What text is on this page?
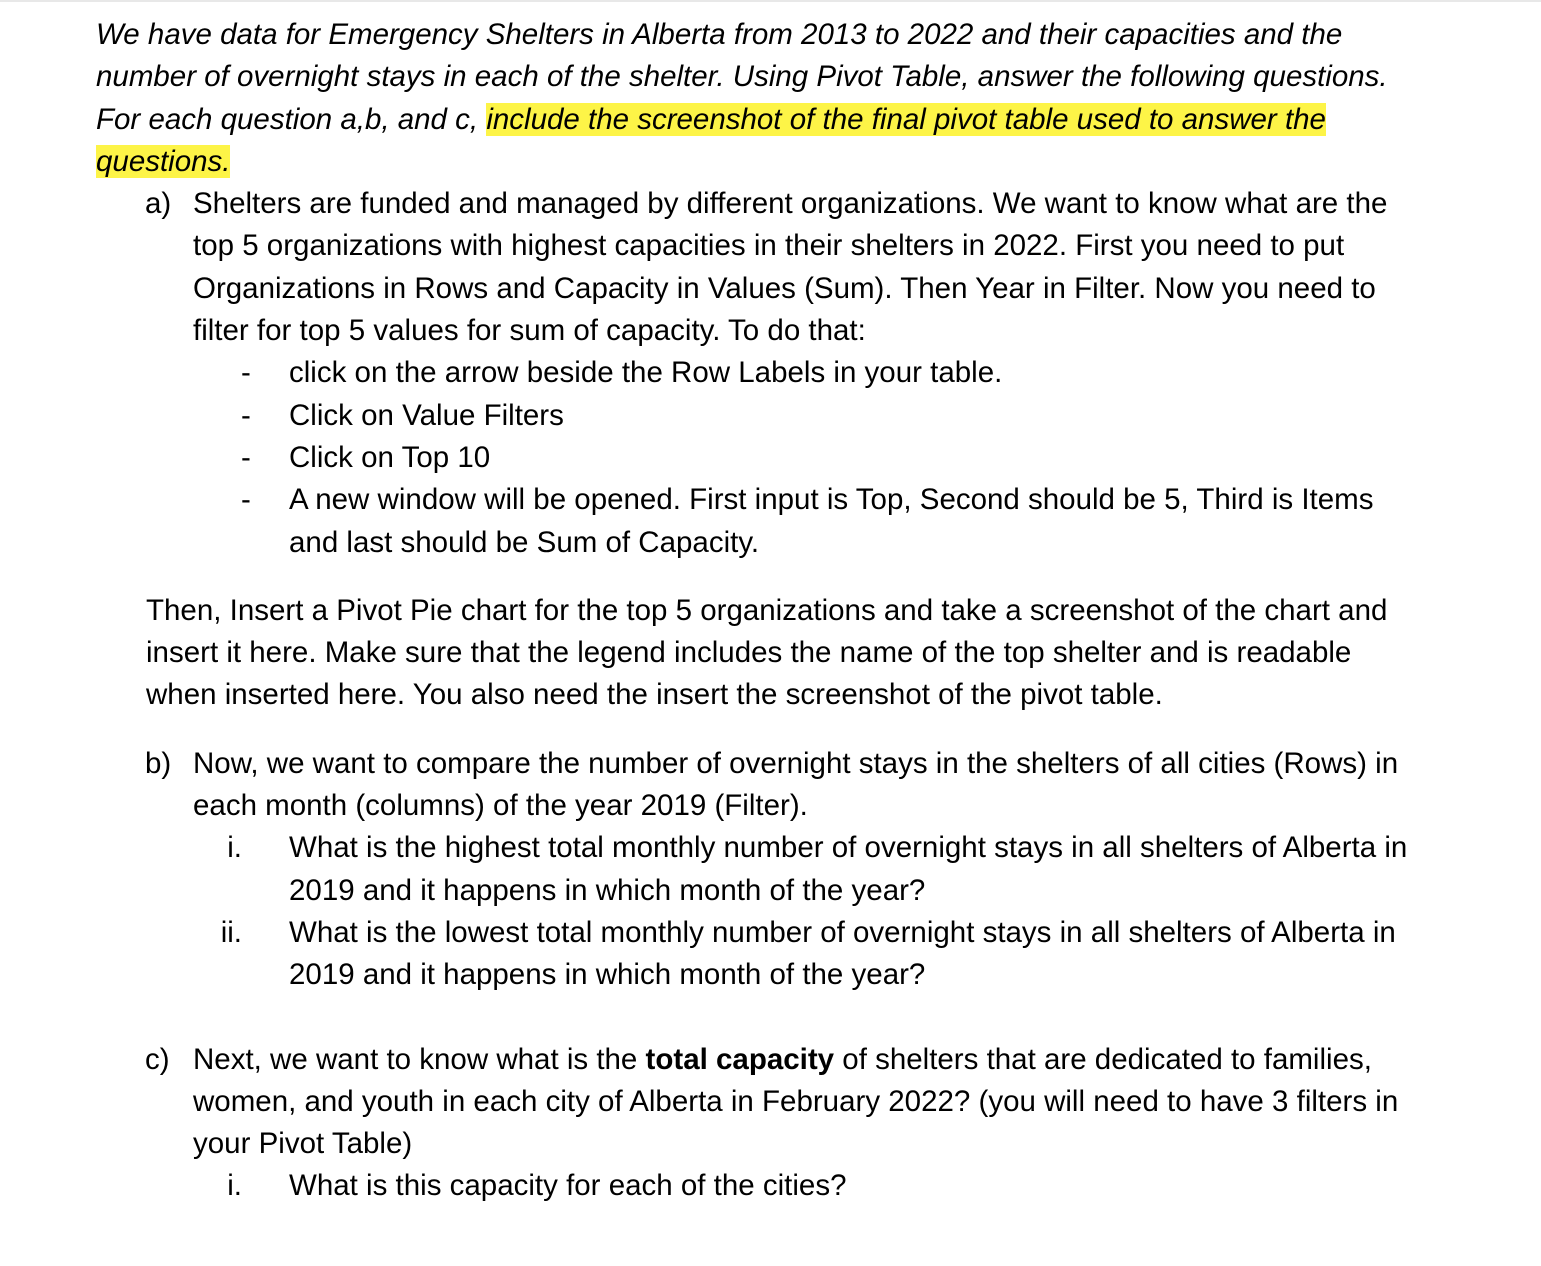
We have data for Emergency Shelters in Alberta from 2013 to 2022 and their capacities and the number of overnight stays in each of the shelter. Using Pivot Table, answer the following questions. For each question a,b, and c, include the screenshot of the final pivot table used to answer the questions.

a) Shelters are funded and managed by different organizations. We want to know what are the top 5 organizations with highest capacities in their shelters in 2022. First you need to put Organizations in Rows and Capacity in Values (Sum). Then Year in Filter. Now you need to filter for top 5 values for sum of capacity. To do that:
- click on the arrow beside the Row Labels in your table.
- Click on Value Filters
- Click on Top 10
- A new window will be opened. First input is Top, Second should be 5, Third is Items and last should be Sum of Capacity.
Then, Insert a Pivot Pie chart for the top 5 organizations and take a screenshot of the chart and insert it here. Make sure that the legend includes the name of the top shelter and is readable when inserted here. You also need the insert the screenshot of the pivot table.
b) Now, we want to compare the number of overnight stays in the shelters of all cities (Rows) in each month (columns) of the year 2019 (Filter).
i. What is the highest total monthly number of overnight stays in all shelters of Alberta in 2019 and it happens in which month of the year?
ii. What is the lowest total monthly number of overnight stays in all shelters of Alberta in 2019 and it happens in which month of the year?
c) Next, we want to know what is the total capacity of shelters that are dedicated to families, women, and youth in each city of Alberta in February 2022? (you will need to have 3 filters in your Pivot Table)
i. What is this capacity for each of the cities?
